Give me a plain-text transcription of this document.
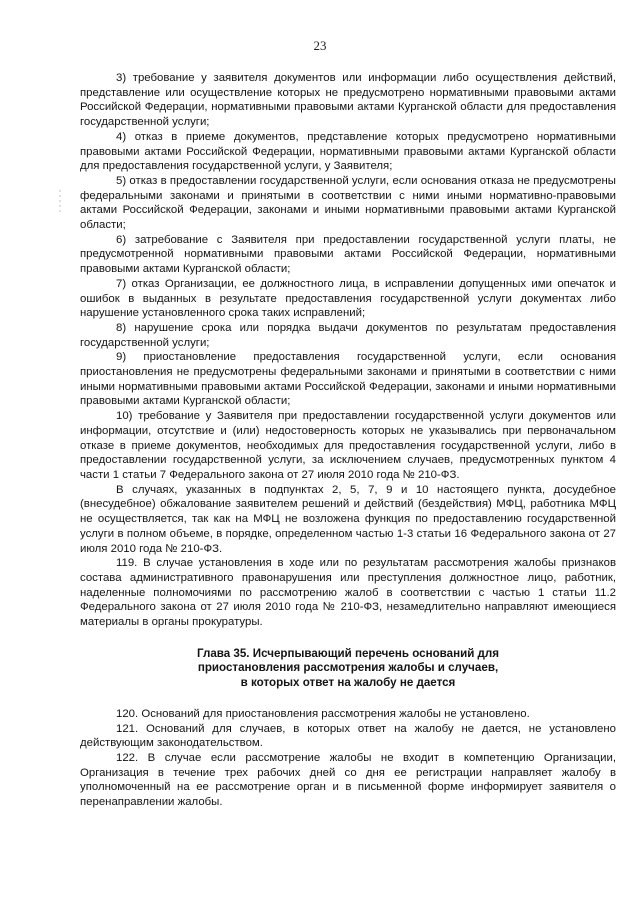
23

3) требование у заявителя документов или информации либо осуществления действий, представление или осуществление которых не предусмотрено нормативными правовыми актами Российской Федерации, нормативными правовыми актами Курганской области для предоставления государственной услуги;

4) отказ в приеме документов, представление которых предусмотрено нормативными правовыми актами Российской Федерации, нормативными правовыми актами Курганской области для предоставления государственной услуги, у Заявителя;

5) отказ в предоставлении государственной услуги, если основания отказа не предусмотрены федеральными законами и принятыми в соответствии с ними иными нормативно-правовыми актами Российской Федерации, законами и иными нормативными правовыми актами Курганской области;

6) затребование с Заявителя при предоставлении государственной услуги платы, не предусмотренной нормативными правовыми актами Российской Федерации, нормативными правовыми актами Курганской области;

7) отказ Организации, ее должностного лица, в исправлении допущенных ими опечаток и ошибок в выданных в результате предоставления государственной услуги документах либо нарушение установленного срока таких исправлений;

8) нарушение срока или порядка выдачи документов по результатам предоставления государственной услуги;

9) приостановление предоставления государственной услуги, если основания приостановления не предусмотрены федеральными законами и принятыми в соответствии с ними иными нормативными правовыми актами Российской Федерации, законами и иными нормативными правовыми актами Курганской области;

10) требование у Заявителя при предоставлении государственной услуги документов или информации, отсутствие и (или) недостоверность которых не указывались при первоначальном отказе в приеме документов, необходимых для предоставления государственной услуги, либо в предоставлении государственной услуги, за исключением случаев, предусмотренных пунктом 4 части 1 статьи 7 Федерального закона от 27 июля 2010 года № 210-ФЗ.

В случаях, указанных в подпунктах 2, 5, 7, 9 и 10 настоящего пункта, досудебное (внесудебное) обжалование заявителем решений и действий (бездействия) МФЦ, работника МФЦ не осуществляется, так как на МФЦ не возложена функция по предоставлению государственной услуги в полном объеме, в порядке, определенном частью 1-3 статьи 16 Федерального закона от 27 июля 2010 года № 210-ФЗ.

119. В случае установления в ходе или по результатам рассмотрения жалобы признаков состава административного правонарушения или преступления должностное лицо, работник, наделенные полномочиями по рассмотрению жалоб в соответствии с частью 1 статьи 11.2 Федерального закона от 27 июля 2010 года № 210-ФЗ, незамедлительно направляют имеющиеся материалы в органы прокуратуры.

Глава 35. Исчерпывающий перечень оснований для
приостановления рассмотрения жалобы и случаев,
в которых ответ на жалобу не дается

120. Оснований для приостановления рассмотрения жалобы не установлено.

121. Оснований для случаев, в которых ответ на жалобу не дается, не установлено действующим законодательством.

122. В случае если рассмотрение жалобы не входит в компетенцию Организации, Организация в течение трех рабочих дней со дня ее регистрации направляет жалобу в уполномоченный на ее рассмотрение орган и в письменной форме информирует заявителя о перенаправлении жалобы.
